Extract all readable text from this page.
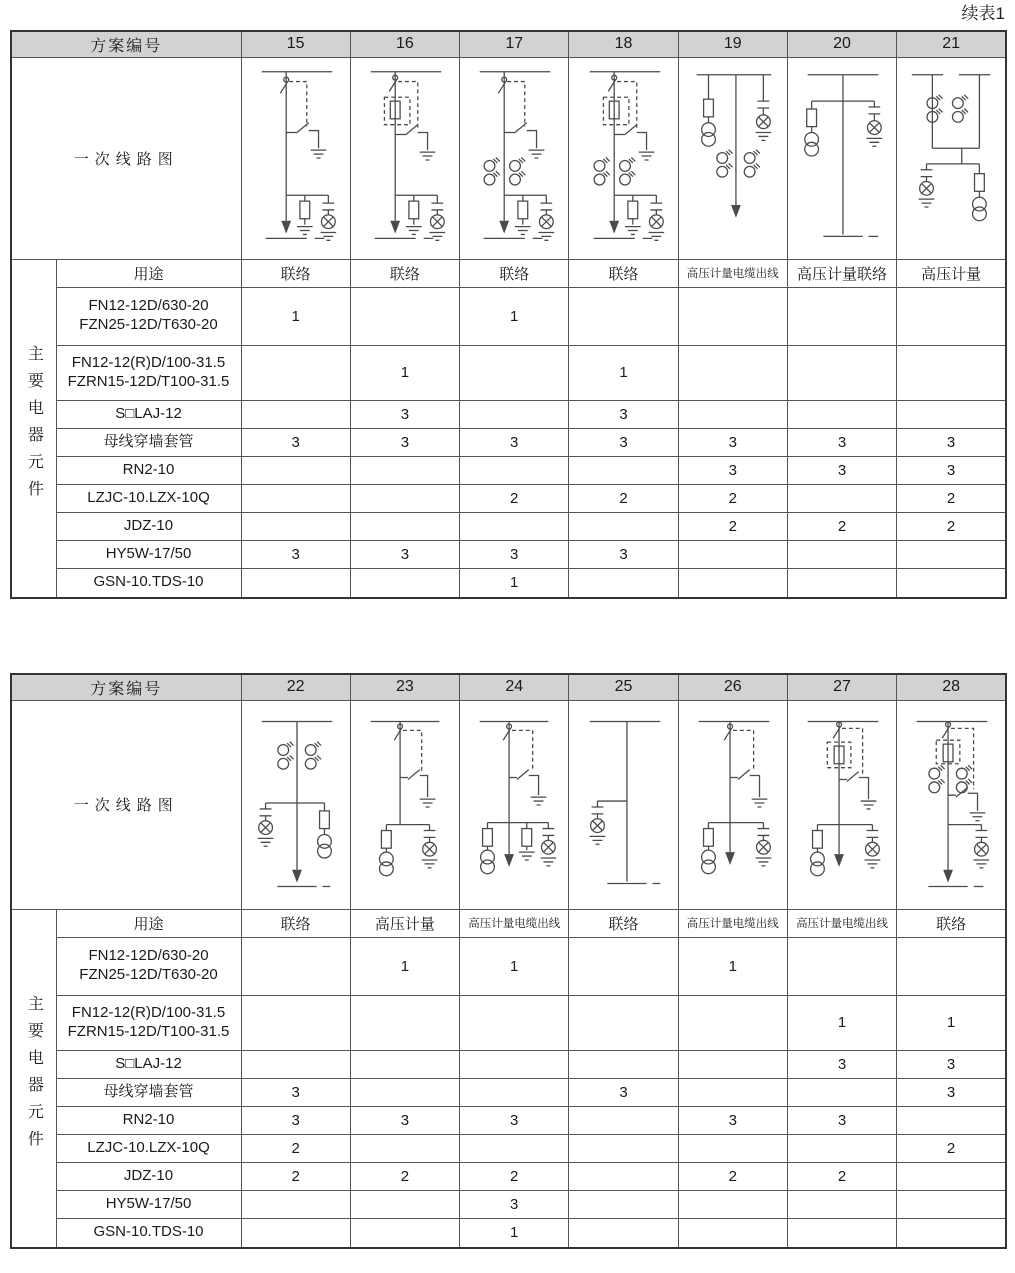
续表1
方案编号		15	16	17	18	19	20	21
一次线路图	

主要电器元件	用途	联络	联络	联络	联络	高压计量电缆出线	高压计量联络	高压计量

	FN12-12D/630-20
FZN25-12D/T630-20	1		1				

	FN12-12(R)D/100-31.5
FZRN15-12D/T100-31.5		1		1			

	S□LAJ-12		3		3			

	母线穿墙套管	3	3	3	3	3	3	3

	RN2-10					3	3	3

	LZJC-10.LZX-10Q			2	2	2		2

	JDZ-10					2	2	2

	HY5W-17/50	3	3	3	3			

	GSN-10.TDS-10			1				
方案编号		22	23	24	25	26	27	28
一次线路图	

主要电器元件	用途	联络	高压计量	高压计量电缆出线	联络	高压计量电缆出线	高压计量电缆出线	联络

	FN12-12D/630-20
FZN25-12D/T630-20		1	1		1		

	FN12-12(R)D/100-31.5
FZRN15-12D/T100-31.5						1	1

	S□LAJ-12						3	3

	母线穿墙套管	3			3			3

	RN2-10	3	3	3		3	3	

	LZJC-10.LZX-10Q	2						2

	JDZ-10	2	2	2		2	2	

	HY5W-17/50			3				

	GSN-10.TDS-10			1				
